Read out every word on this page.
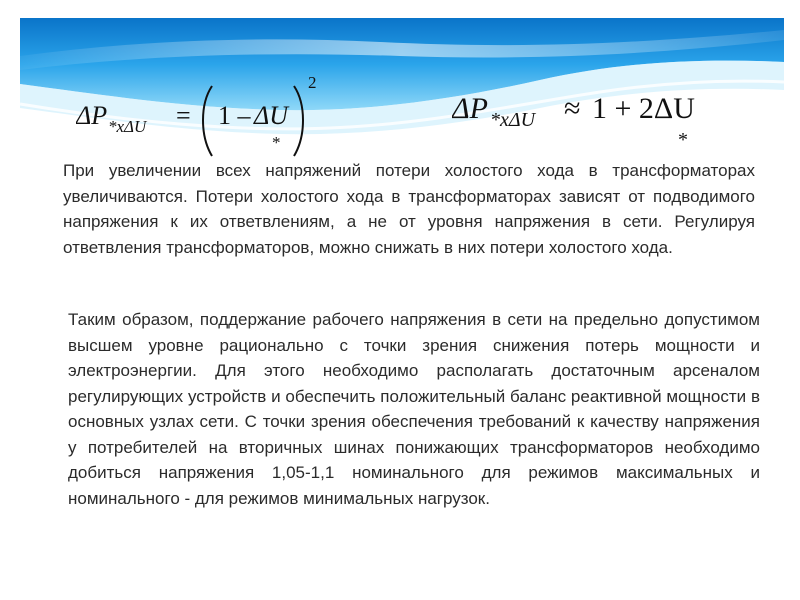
ΔP *xΔU = 1 – ΔU
*
2
ΔP *xΔU ≈ 1 + 2ΔU
*

При увеличении всех напряжений потери холостого хода в трансформаторах увеличиваются. Потери холостого хода в трансформаторах зависят от подводимого напряжения к их ответвлениям, а не от уровня напряжения в сети. Регулируя ответвления трансформаторов, можно снижать в них потери холостого хода.

Таким образом, поддержание рабочего напряжения в сети на предельно допустимом высшем уровне рационально с точки зрения снижения потерь мощности и электроэнергии. Для этого необходимо располагать достаточным арсеналом регулирующих устройств и обеспечить положительный баланс реактивной мощности в основных узлах сети. С точки зрения обеспечения требований к качеству напряжения у потребителей на вторичных шинах понижающих трансформаторов необходимо добиться напряжения 1,05-1,1 номинального для режимов максимальных и номинального - для режимов минимальных нагрузок.
